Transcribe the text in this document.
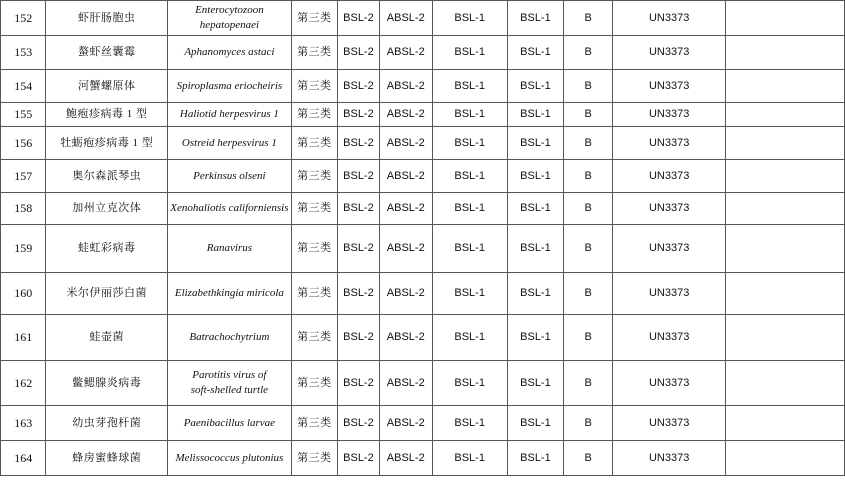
152	虾肝肠胞虫	Enterocytozoon
hepatopenaei	第三类	BSL-2	ABSL-2	BSL-1	BSL-1	B	UN3373	
153	螯虾丝囊霉	Aphanomyces astaci	第三类	BSL-2	ABSL-2	BSL-1	BSL-1	B	UN3373	
154	河蟹螺原体	Spiroplasma eriocheiris	第三类	BSL-2	ABSL-2	BSL-1	BSL-1	B	UN3373	
155	鲍疱疹病毒 1 型	Haliotid herpesvirus 1	第三类	BSL-2	ABSL-2	BSL-1	BSL-1	B	UN3373	
156	牡蛎疱疹病毒 1 型	Ostreid herpesvirus 1	第三类	BSL-2	ABSL-2	BSL-1	BSL-1	B	UN3373	
157	奥尔森派琴虫	Perkinsus olseni	第三类	BSL-2	ABSL-2	BSL-1	BSL-1	B	UN3373	
158	加州立克次体	Xenohaliotis californiensis	第三类	BSL-2	ABSL-2	BSL-1	BSL-1	B	UN3373	
159	蛙虹彩病毒	Ranavirus	第三类	BSL-2	ABSL-2	BSL-1	BSL-1	B	UN3373	
160	米尔伊丽莎白菌	Elizabethkingia miricola	第三类	BSL-2	ABSL-2	BSL-1	BSL-1	B	UN3373	
161	蛙壶菌	Batrachochytrium	第三类	BSL-2	ABSL-2	BSL-1	BSL-1	B	UN3373	
162	鳖鳃腺炎病毒	Parotitis virus of
soft-shelled turtle	第三类	BSL-2	ABSL-2	BSL-1	BSL-1	B	UN3373	
163	幼虫芽孢杆菌	Paenibacillus larvae	第三类	BSL-2	ABSL-2	BSL-1	BSL-1	B	UN3373	
164	蜂房蜜蜂球菌	Melissococcus plutonius	第三类	BSL-2	ABSL-2	BSL-1	BSL-1	B	UN3373	
